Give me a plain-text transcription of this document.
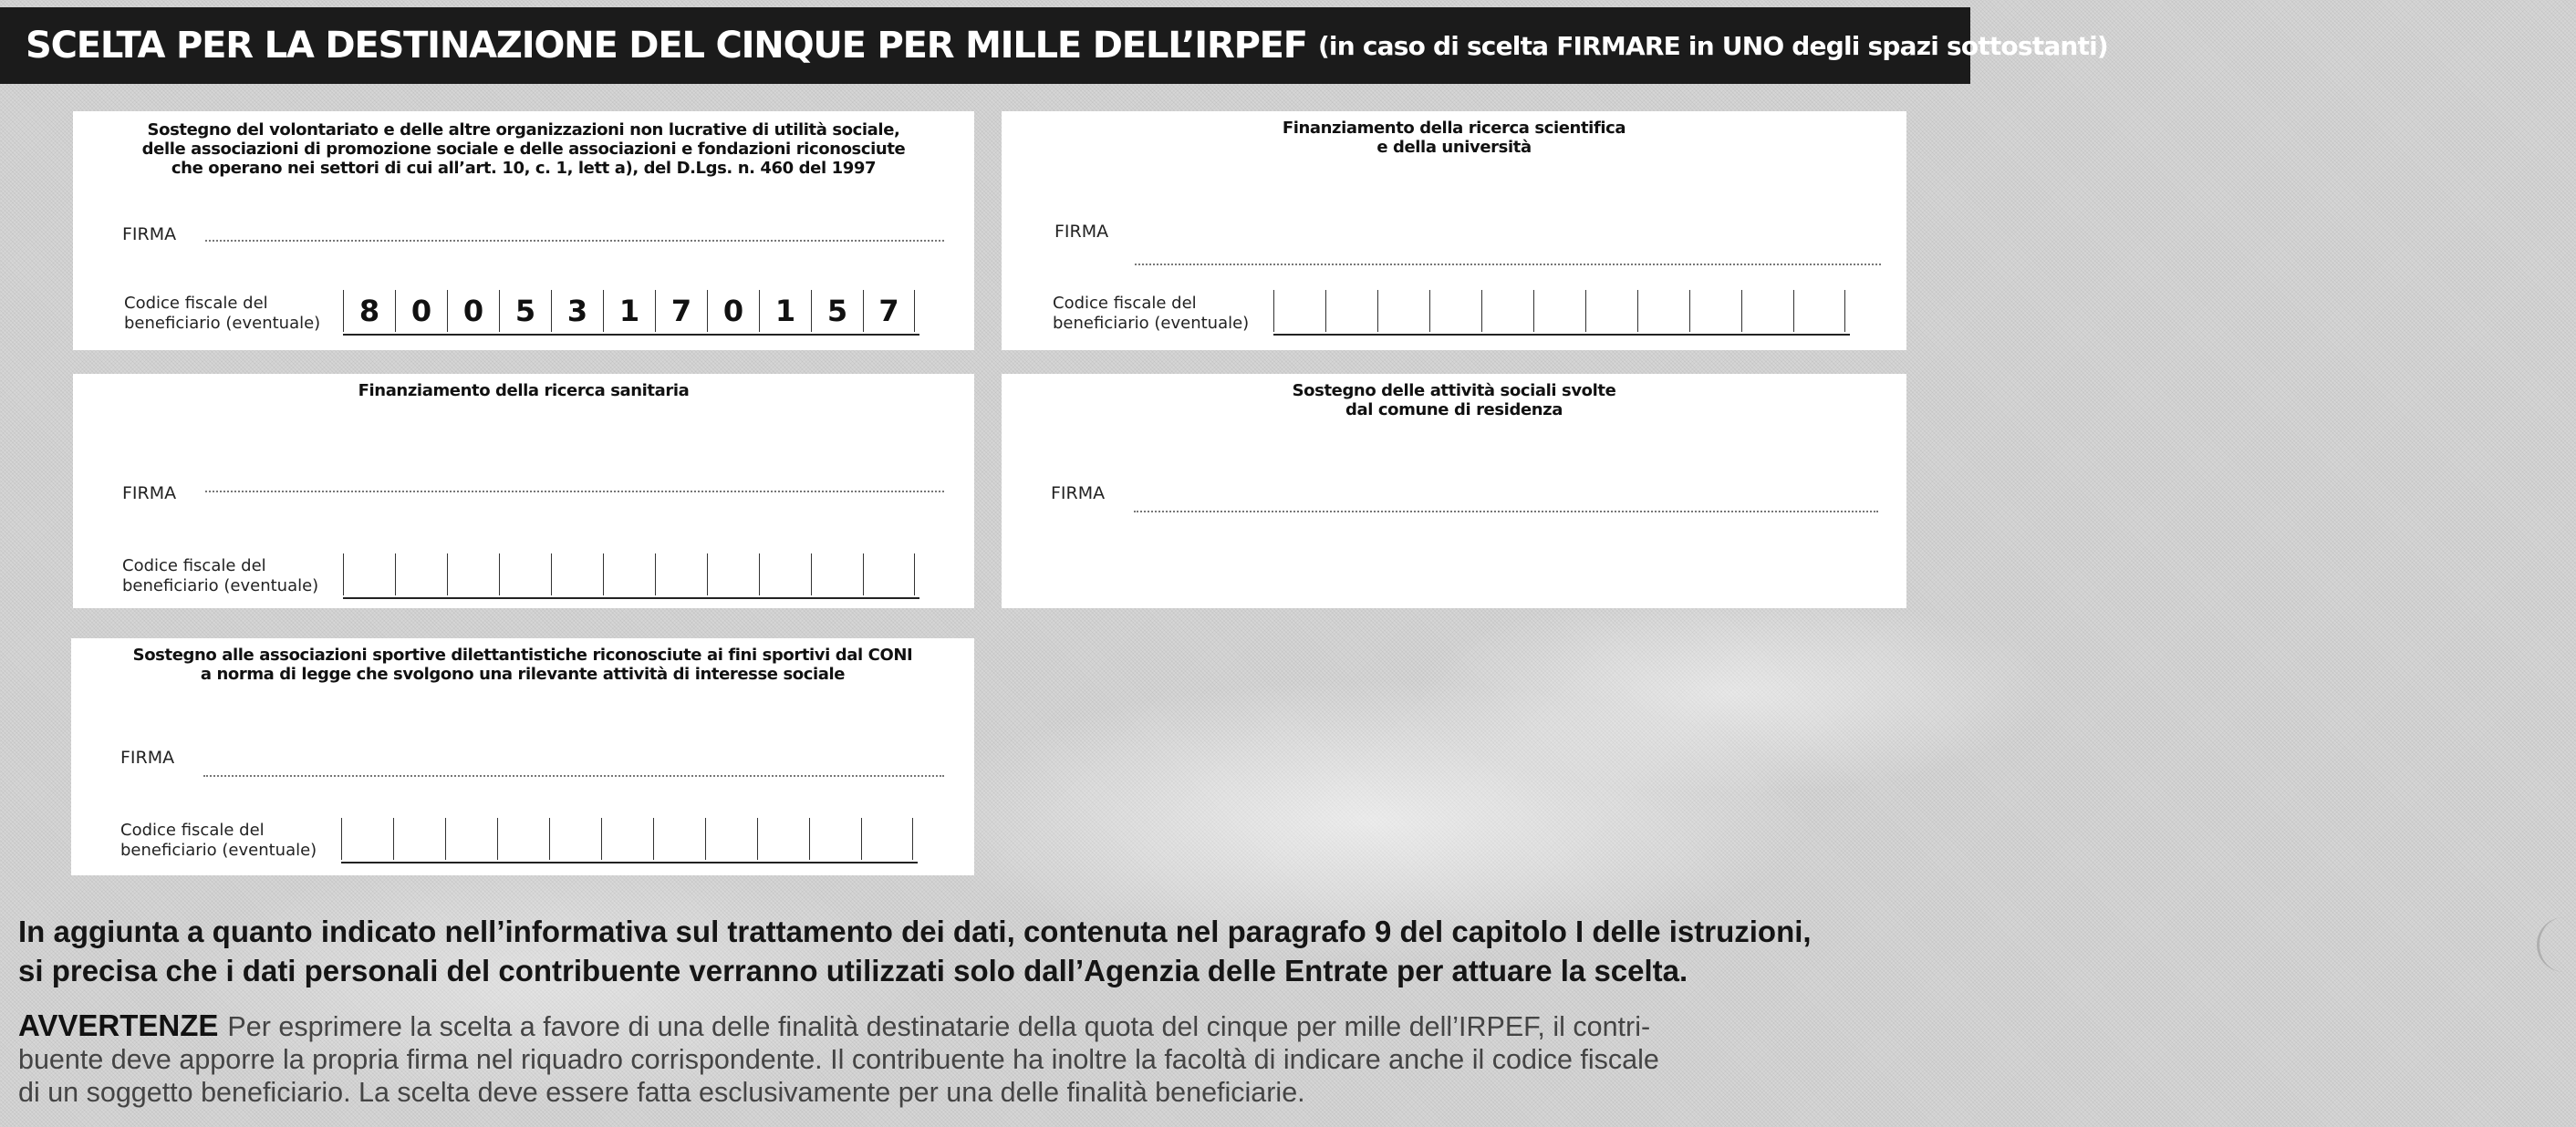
SCELTA PER LA DESTINAZIONE DEL CINQUE PER MILLE DELL’IRPEF (in caso di scelta FIRMARE in UNO degli spazi sottostanti)
Sostegno del volontariato e delle altre organizzazioni non lucrative di utilità sociale,
delle associazioni di promozione sociale e delle associazioni e fondazioni riconosciute
che operano nei settori di cui all’art. 10, c. 1, lett a), del D.Lgs. n. 460 del 1997
FIRMA
Codice fiscale del
beneficiario (eventuale)	8	0	0	5	3	1	7	0	1	5	7
Finanziamento della ricerca scientifica
e della università
FIRMA
Codice fiscale del
beneficiario (eventuale)
Finanziamento della ricerca sanitaria
FIRMA
Codice fiscale del
beneficiario (eventuale)
Sostegno delle attività sociali svolte
dal comune di residenza
FIRMA
Sostegno alle associazioni sportive dilettantistiche riconosciute ai fini sportivi dal CONI
a norma di legge che svolgono una rilevante attività di interesse sociale
FIRMA
Codice fiscale del
beneficiario (eventuale)
In aggiunta a quanto indicato nell’informativa sul trattamento dei dati, contenuta nel paragrafo 9 del capitolo I delle istruzioni,
si precisa che i dati personali del contribuente verranno utilizzati solo dall’Agenzia delle Entrate per attuare la scelta.
AVVERTENZE Per esprimere la scelta a favore di una delle finalità destinatarie della quota del cinque per mille dell’IRPEF, il contri-
buente deve apporre la propria firma nel riquadro corrispondente. Il contribuente ha inoltre la facoltà di indicare anche il codice fiscale
di un soggetto beneficiario. La scelta deve essere fatta esclusivamente per una delle finalità beneficiarie.
